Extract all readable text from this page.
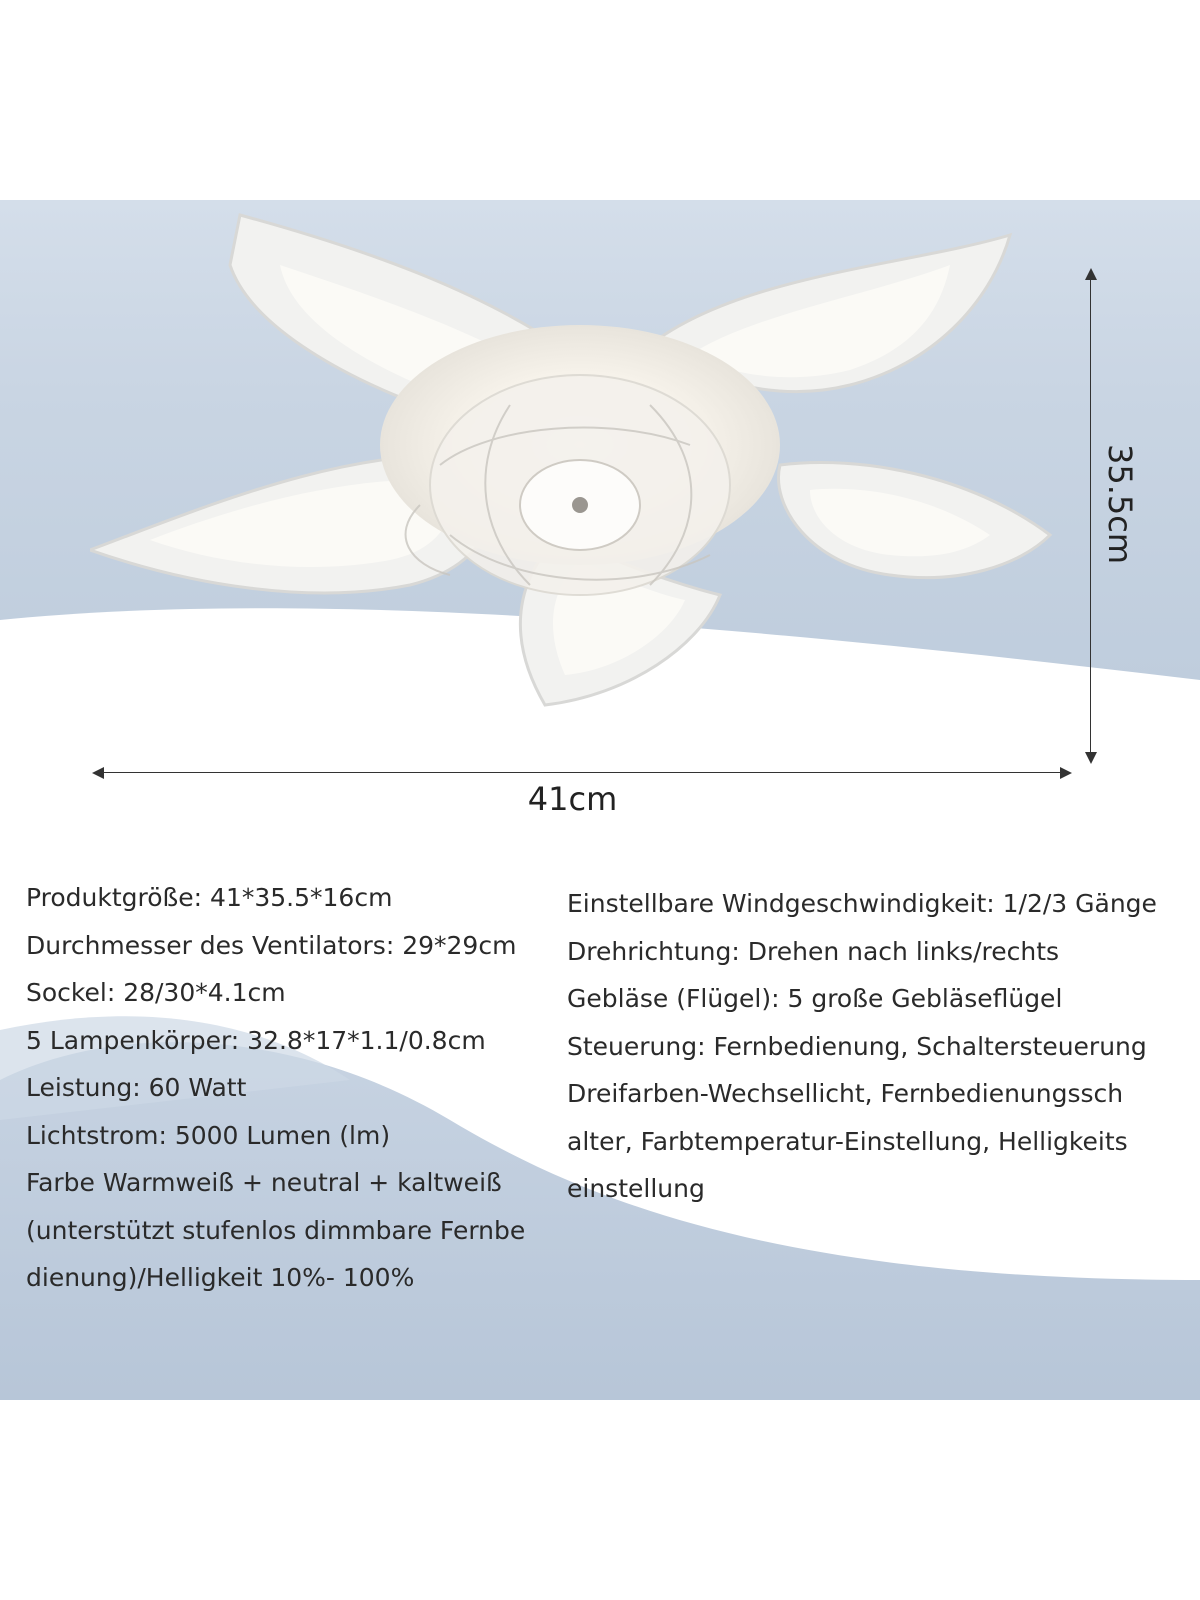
41cm
35.5cm
Produktgröße: 41*35.5*16cm
Durchmesser des Ventilators: 29*29cm
Sockel: 28/30*4.1cm
5 Lampenkörper: 32.8*17*1.1/0.8cm
Leistung: 60 Watt
Lichtstrom: 5000 Lumen (lm)
Farbe Warmweiß + neutral + kaltweiß
(unterstützt stufenlos dimmbare Fernbe
dienung)/Helligkeit 10%- 100%
Einstellbare Windgeschwindigkeit: 1/2/3 Gänge
Drehrichtung: Drehen nach links/rechts
Gebläse (Flügel): 5 große Gebläseflügel
Steuerung: Fernbedienung, Schaltersteuerung
Dreifarben-Wechsellicht, Fernbedienungssch
alter, Farbtemperatur-Einstellung, Helligkeits
einstellung
